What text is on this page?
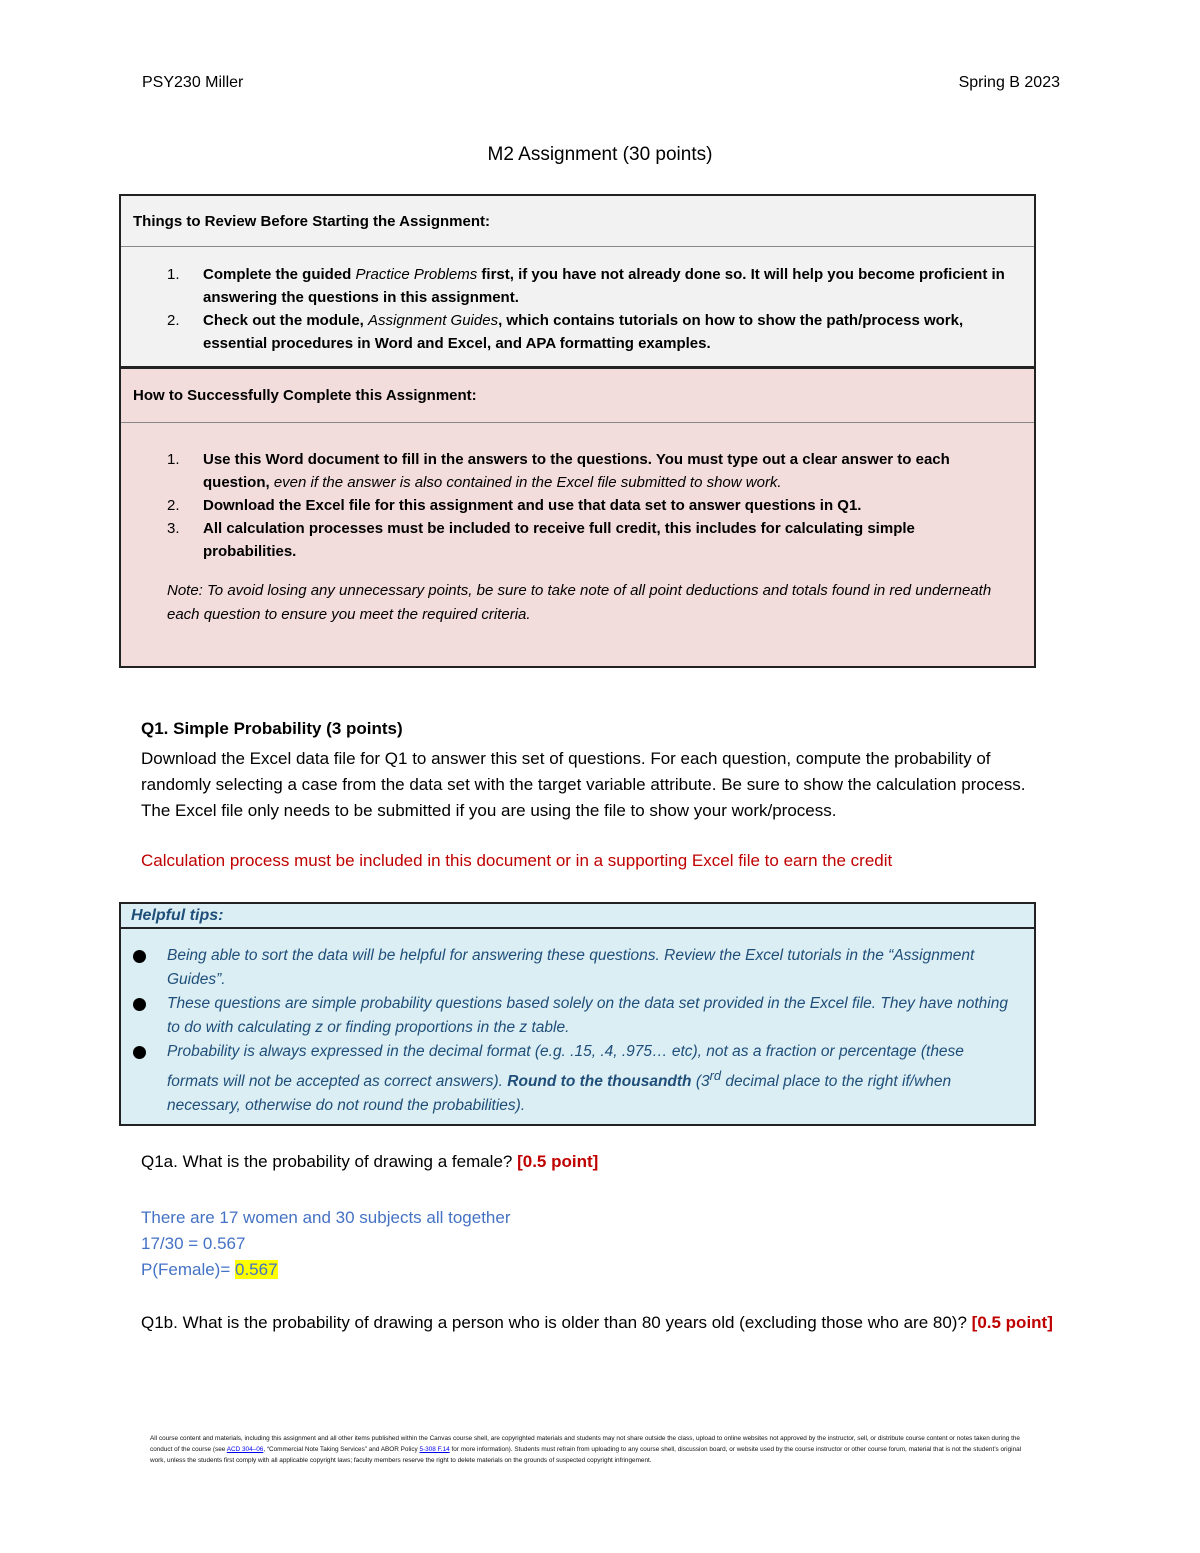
PSY230 Miller	Spring B 2023
M2 Assignment (30 points)
Things to Review Before Starting the Assignment:
1. Complete the guided Practice Problems first, if you have not already done so. It will help you become proficient in answering the questions in this assignment.
2. Check out the module, Assignment Guides, which contains tutorials on how to show the path/process work, essential procedures in Word and Excel, and APA formatting examples.
How to Successfully Complete this Assignment:
1. Use this Word document to fill in the answers to the questions. You must type out a clear answer to each question, even if the answer is also contained in the Excel file submitted to show work.
2. Download the Excel file for this assignment and use that data set to answer questions in Q1.
3. All calculation processes must be included to receive full credit, this includes for calculating simple probabilities.
Note: To avoid losing any unnecessary points, be sure to take note of all point deductions and totals found in red underneath each question to ensure you meet the required criteria.
Q1. Simple Probability (3 points)
Download the Excel data file for Q1 to answer this set of questions. For each question, compute the probability of randomly selecting a case from the data set with the target variable attribute. Be sure to show the calculation process. The Excel file only needs to be submitted if you are using the file to show your work/process.
Calculation process must be included in this document or in a supporting Excel file to earn the credit
Helpful tips:
Being able to sort the data will be helpful for answering these questions. Review the Excel tutorials in the “Assignment Guides”.
These questions are simple probability questions based solely on the data set provided in the Excel file. They have nothing to do with calculating z or finding proportions in the z table.
Probability is always expressed in the decimal format (e.g. .15, .4, .975… etc), not as a fraction or percentage (these formats will not be accepted as correct answers). Round to the thousandth (3rd decimal place to the right if/when necessary, otherwise do not round the probabilities).
Q1a. What is the probability of drawing a female? [0.5 point]
There are 17 women and 30 subjects all together
17/30 = 0.567
P(Female)= 0.567
Q1b. What is the probability of drawing a person who is older than 80 years old (excluding those who are 80)? [0.5 point]
All course content and materials, including this assignment and all other items published within the Canvas course shell, are copyrighted materials and students may not share outside the class, upload to online websites not approved by the instructor, sell, or distribute course content or notes taken during the conduct of the course (see ACD 304–06, “Commercial Note Taking Services” and ABOR Policy 5-308 F.14 for more information). Students must refrain from uploading to any course shell, discussion board, or website used by the course instructor or other course forum, material that is not the student’s original work, unless the students first comply with all applicable copyright laws; faculty members reserve the right to delete materials on the grounds of suspected copyright infringement.
